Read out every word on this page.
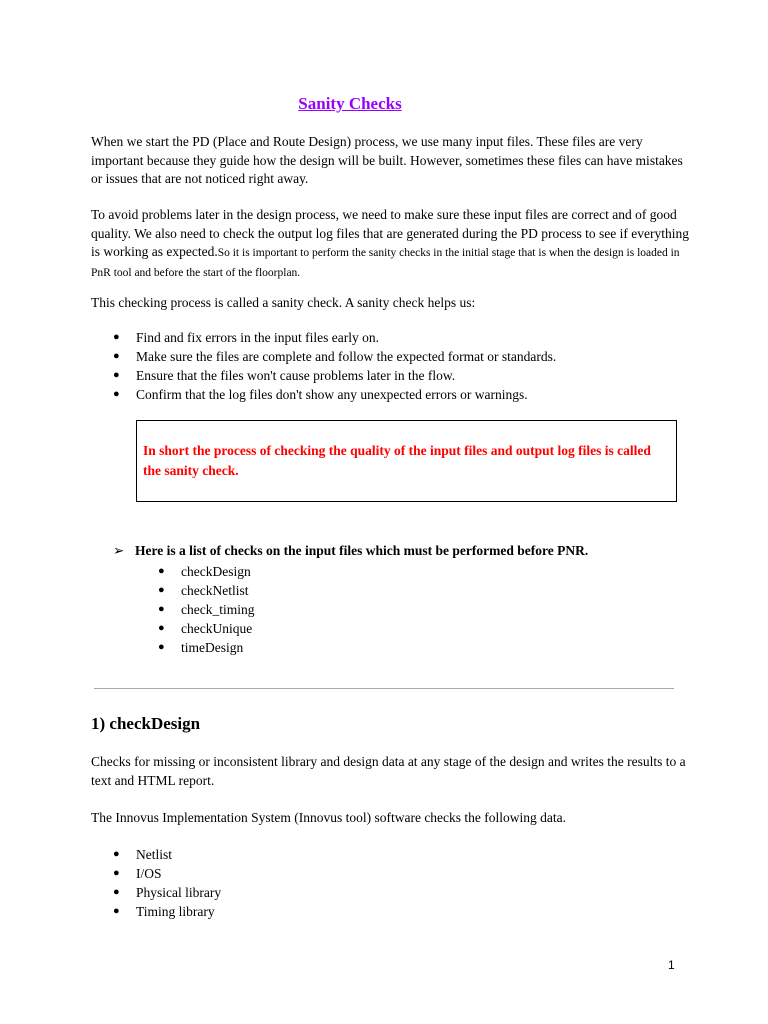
Sanity Checks
When we start the PD (Place and Route Design) process, we use many input files. These files are very important because they guide how the design will be built. However, sometimes these files can have mistakes or issues that are not noticed right away.
To avoid problems later in the design process, we need to make sure these input files are correct and of good quality. We also need to check the output log files that are generated during the PD process to see if everything is working as expected.So it is important to perform the sanity checks in the initial stage that is when the design is loaded in PnR tool and before the start of the floorplan.
This checking process is called a sanity check. A sanity check helps us:
● Find and fix errors in the input files early on.
● Make sure the files are complete and follow the expected format or standards.
● Ensure that the files won't cause problems later in the flow.
● Confirm that the log files don't show any unexpected errors or warnings.
In short the process of checking the quality of the input files and output log files is called the sanity check.
➢ Here is a list of checks on the input files which must be performed before PNR.
● checkDesign
● checkNetlist
● check_timing
● checkUnique
● timeDesign
1) checkDesign
Checks for missing or inconsistent library and design data at any stage of the design and writes the results to a text and HTML report.
The Innovus Implementation System (Innovus tool) software checks the following data.
● Netlist
● I/OS
● Physical library
● Timing library
1
